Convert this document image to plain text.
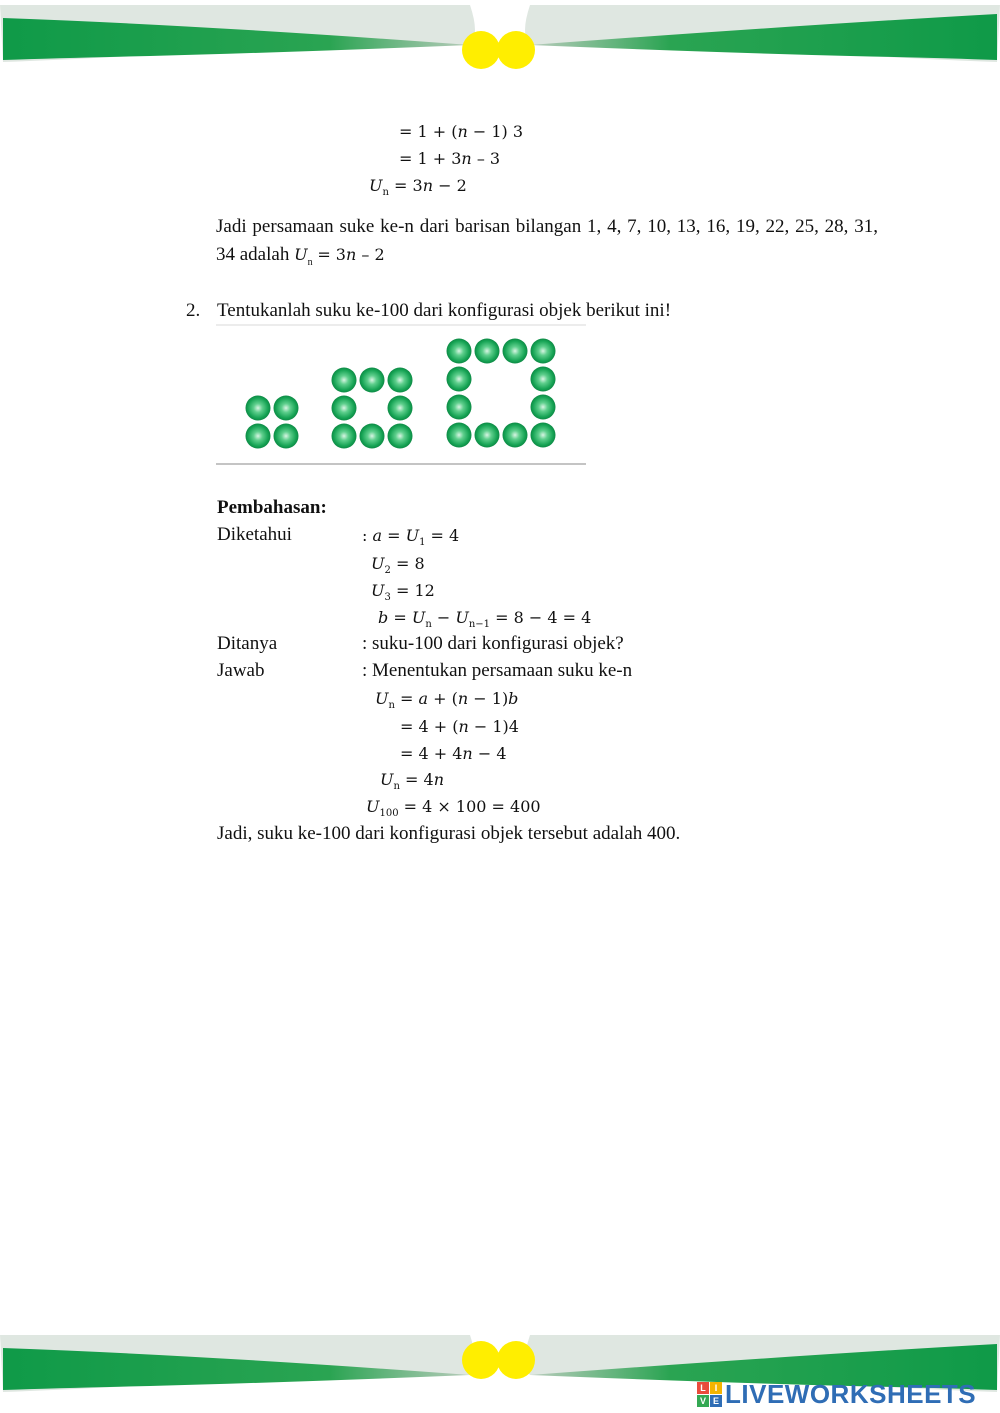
= 1 + (𝑛 − 1) 3
= 1 + 3𝑛 – 3
$U_n$ = 3𝑛 − 2
Jadi persamaan suke ke-n dari barisan bilangan 1, 4, 7, 10, 13, 16, 19, 22, 25, 28, 31, 34 adalah $U_n$ = 3𝑛 – 2
2. Tentukanlah suku ke-100 dari konfigurasi objek berikut ini!
Pembahasan:
Diketahui	: 𝑎 = 𝑈$_1$ = 4
𝑈$_2$ = 8
𝑈$_3$ = 12
𝑏 = 𝑈$_n$ − 𝑈$_{n-1}$ = 8 − 4 = 4
Ditanya	: suku-100 dari konfigurasi objek?
Jawab	: Menentukan persamaan suku ke-n
𝑈$_n$ = 𝑎 + (𝑛 − 1)𝑏
= 4 + (𝑛 − 1)4
= 4 + 4𝑛 − 4
𝑈$_n$ = 4𝑛
𝑈$_{100}$ = 4 × 100 = 400
Jadi, suku ke-100 dari konfigurasi objek tersebut adalah 400.
L I
V E LIVEWORKSHEETS
